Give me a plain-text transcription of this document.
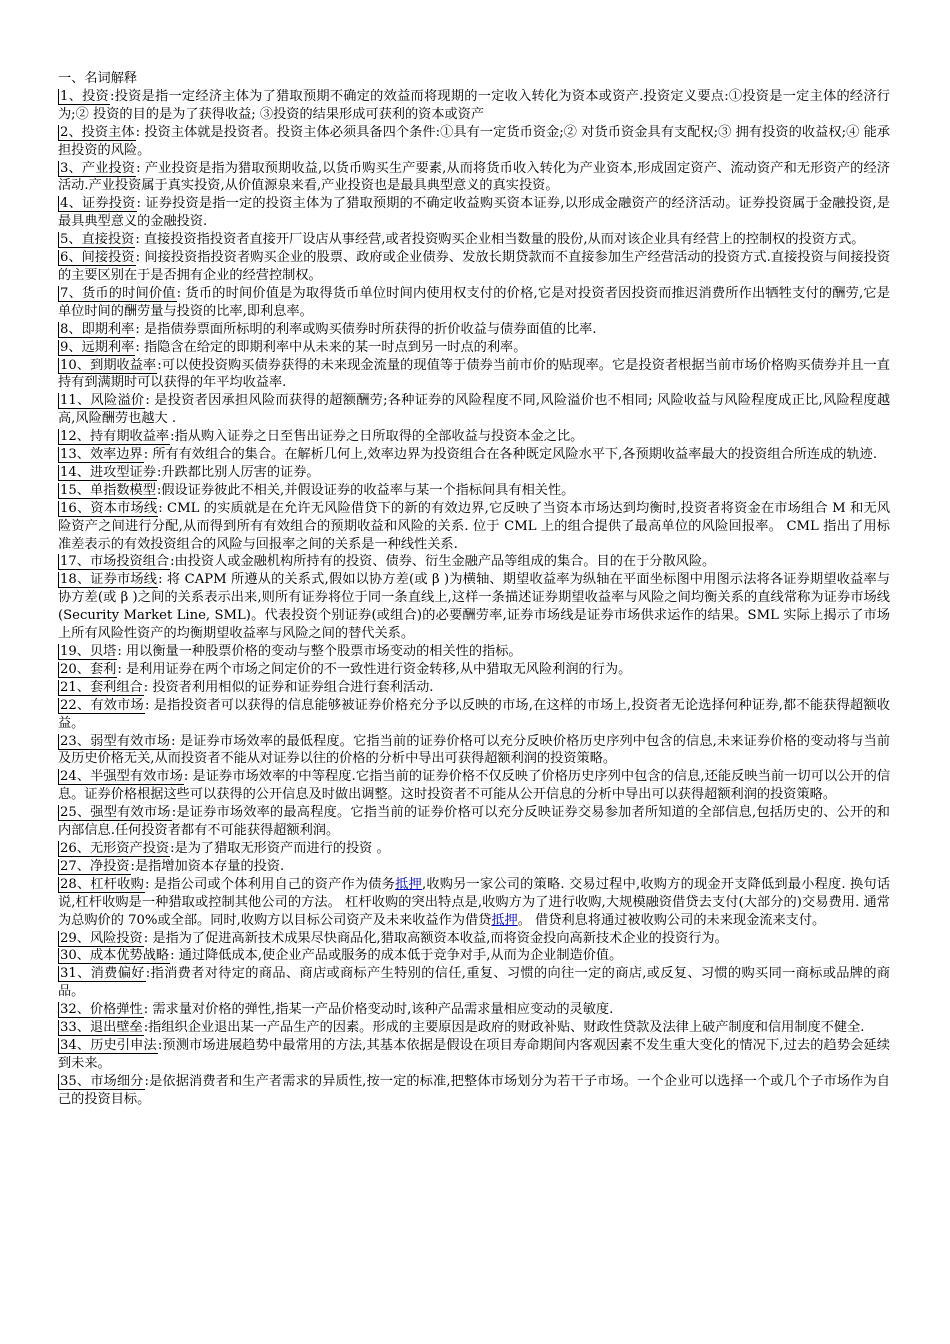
一、名词解释

1、投资:投资是指一定经济主体为了猎取预期不确定的效益而将现期的一定收入转化为资本或资产.投资定义要点:①投资是一定主体的经济行为;② 投资的目的是为了获得收益; ③投资的结果形成可获利的资本或资产

2、投资主体: 投资主体就是投资者。投资主体必须具备四个条件:①具有一定货币资金;② 对货币资金具有支配权;③ 拥有投资的收益权;④ 能承担投资的风险。

3、产业投资: 产业投资是指为猎取预期收益,以货币购买生产要素,从而将货币收入转化为产业资本,形成固定资产、流动资产和无形资产的经济活动.产业投资属于真实投资,从价值源泉来看,产业投资也是最具典型意义的真实投资。

4、证券投资: 证券投资是指一定的投资主体为了猎取预期的不确定收益购买资本证券,以形成金融资产的经济活动。证券投资属于金融投资,是最具典型意义的金融投资.

5、直接投资: 直接投资指投资者直接开厂设店从事经营,或者投资购买企业相当数量的股份,从而对该企业具有经营上的控制权的投资方式。

6、间接投资: 间接投资指投资者购买企业的股票、政府或企业债券、发放长期贷款而不直接参加生产经营活动的投资方式.直接投资与间接投资的主要区别在于是否拥有企业的经营控制权。

7、货币的时间价值: 货币的时间价值是为取得货币单位时间内使用权支付的价格,它是对投资者因投资而推迟消费所作出牺牲支付的酬劳,它是单位时间的酬劳量与投资的比率,即利息率。

8、即期利率: 是指债券票面所标明的利率或购买债券时所获得的折价收益与债券面值的比率.

9、远期利率: 指隐含在给定的即期利率中从未来的某一时点到另一时点的利率。

10、到期收益率:可以使投资购买债券获得的未来现金流量的现值等于债券当前市价的贴现率。它是投资者根据当前市场价格购买债券并且一直持有到满期时可以获得的年平均收益率.

11、风险溢价: 是投资者因承担风险而获得的超额酬劳;各种证券的风险程度不同,风险溢价也不相同; 风险收益与风险程度成正比,风险程度越高,风险酬劳也越大 .

12、持有期收益率:指从购入证券之日至售出证券之日所取得的全部收益与投资本金之比。

13、效率边界: 所有有效组合的集合。在解析几何上,效率边界为投资组合在各种既定风险水平下,各预期收益率最大的投资组合所连成的轨迹.

14、进攻型证券:升跌都比别人厉害的证券。

15、单指数模型:假设证券彼此不相关,并假设证券的收益率与某一个指标间具有相关性。

16、资本市场线: CML 的实质就是在允许无风险借贷下的新的有效边界,它反映了当资本市场达到均衡时,投资者将资金在市场组合 M 和无风险资产之间进行分配,从而得到所有有效组合的预期收益和风险的关系. 位于 CML 上的组合提供了最高单位的风险回报率。 CML 指出了用标准差表示的有效投资组合的风险与回报率之间的关系是一种线性关系.

17、市场投资组合:由投资人或金融机构所持有的投资、债券、衍生金融产品等组成的集合。目的在于分散风险。

18、证券市场线: 将 CAPM 所遵从的关系式,假如以协方差(或 β )为横轴、期望收益率为纵轴在平面坐标图中用图示法将各证券期望收益率与协方差(或 β )之间的关系表示出来,则所有证券将位于同一条直线上,这样一条描述证券期望收益率与风险之间均衡关系的直线常称为证券市场线(Security Market Line, SML)。代表投资个别证券(或组合)的必要酬劳率,证券市场线是证券市场供求运作的结果。SML 实际上揭示了市场上所有风险性资产的均衡期望收益率与风险之间的替代关系。

19、贝塔: 用以衡量一种股票价格的变动与整个股票市场变动的相关性的指标。

20、套利: 是利用证券在两个市场之间定价的不一致性进行资金转移,从中猎取无风险利润的行为。

21、套利组合: 投资者利用相似的证券和证券组合进行套利活动.

22、有效市场: 是指投资者可以获得的信息能够被证券价格充分予以反映的市场,在这样的市场上,投资者无论选择何种证券,都不能获得超额收益。

23、弱型有效市场: 是证券市场效率的最低程度。它指当前的证券价格可以充分反映价格历史序列中包含的信息,未来证券价格的变动将与当前及历史价格无关,从而投资者不能从对证券以往的价格的分析中导出可获得超额利润的投资策略。

24、半强型有效市场: 是证券市场效率的中等程度.它指当前的证券价格不仅反映了价格历史序列中包含的信息,还能反映当前一切可以公开的信息。证券价格根据这些可以获得的公开信息及时做出调整。这时投资者不可能从公开信息的分析中导出可以获得超额利润的投资策略。

25、强型有效市场:是证券市场效率的最高程度。它指当前的证券价格可以充分反映证券交易参加者所知道的全部信息,包括历史的、公开的和内部信息.任何投资者都有不可能获得超额利润。

26、无形资产投资:是为了猎取无形资产而进行的投资 。

27、净投资:是指增加资本存量的投资.

28、杠杆收购: 是指公司或个体利用自己的资产作为债务抵押,收购另一家公司的策略. 交易过程中,收购方的现金开支降低到最小程度. 换句话说,杠杆收购是一种猎取或控制其他公司的方法。 杠杆收购的突出特点是,收购方为了进行收购,大规模融资借贷去支付(大部分的)交易费用. 通常为总购价的 70%或全部。同时,收购方以目标公司资产及未来收益作为借贷抵押。 借贷利息将通过被收购公司的未来现金流来支付。

29、风险投资: 是指为了促进高新技术成果尽快商品化,猎取高额资本收益,而将资金投向高新技术企业的投资行为。

30、成本优势战略: 通过降低成本,使企业产品或服务的成本低于竞争对手,从而为企业制造价值。

31、消费偏好:指消费者对待定的商品、商店或商标产生特别的信任,重复、习惯的向往一定的商店,或反复、习惯的购买同一商标或品牌的商品。

32、价格弹性: 需求量对价格的弹性,指某一产品价格变动时,该种产品需求量相应变动的灵敏度.

33、退出壁垒:指组织企业退出某一产品生产的因素。形成的主要原因是政府的财政补贴、财政性贷款及法律上破产制度和信用制度不健全.

34、历史引申法:预测市场进展趋势中最常用的方法,其基本依据是假设在项目寿命期间内客观因素不发生重大变化的情况下,过去的趋势会延续到未来。

35、市场细分:是依据消费者和生产者需求的异质性,按一定的标准,把整体市场划分为若干子市场。一个企业可以选择一个或几个子市场作为自己的投资目标。
